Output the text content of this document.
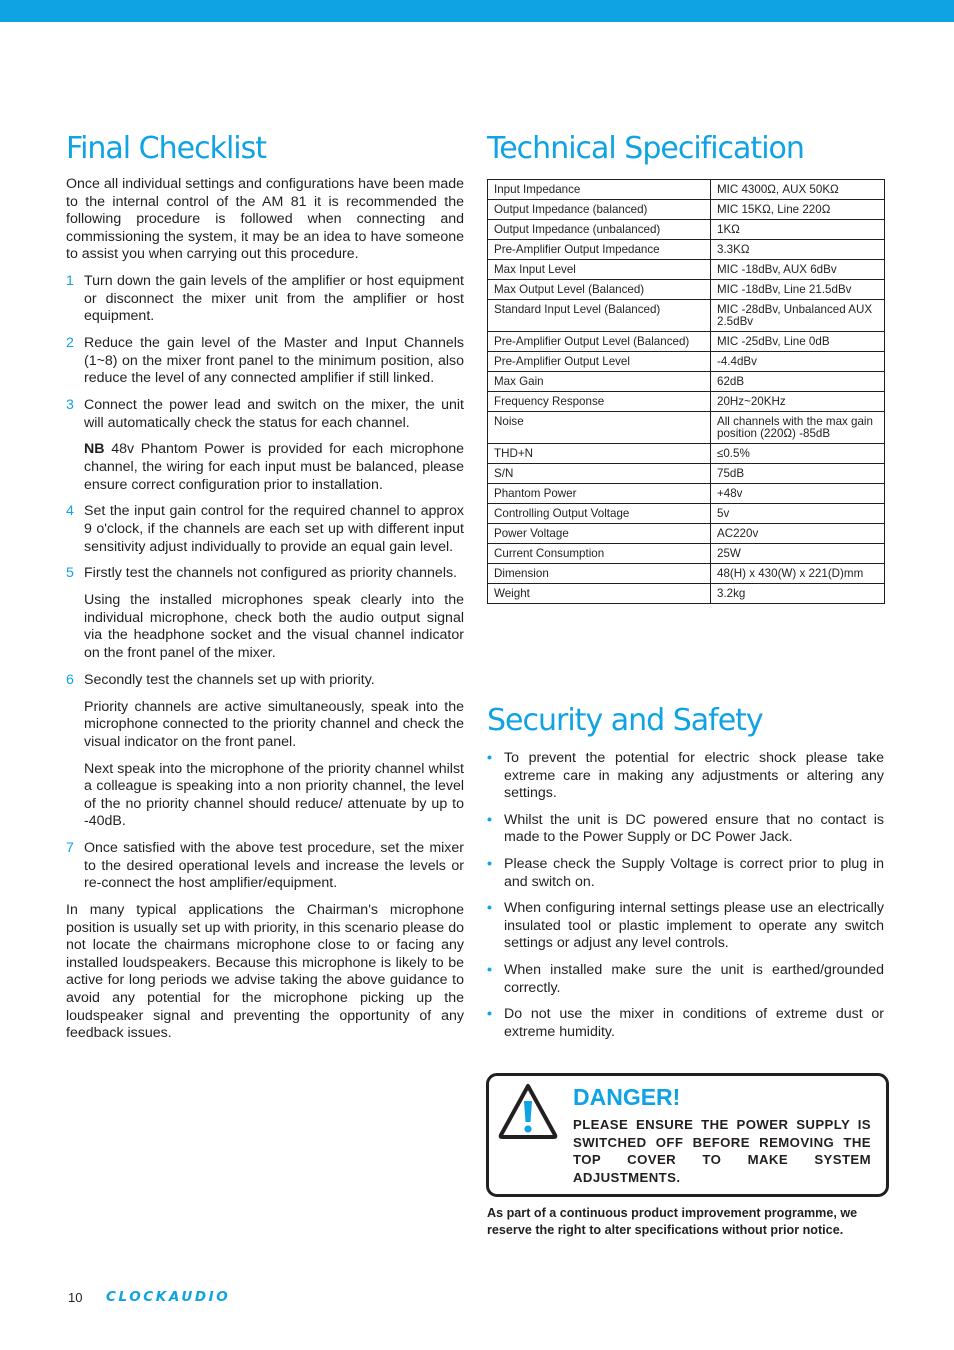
Final Checklist

Once all individual settings and configurations have been made to the internal control of the AM 81 it is recommended the following procedure is followed when connecting and commissioning the system, it may be an idea to have someone to assist you when carrying out this procedure.

1 Turn down the gain levels of the amplifier or host equipment or disconnect the mixer unit from the amplifier or host equipment.
2 Reduce the gain level of the Master and Input Channels (1~8) on the mixer front panel to the minimum position, also reduce the level of any connected amplifier if still linked.
3 Connect the power lead and switch on the mixer, the unit will automatically check the status for each channel.
NB 48v Phantom Power is provided for each microphone channel, the wiring for each input must be balanced, please ensure correct configuration prior to installation.
4 Set the input gain control for the required channel to approx 9 o'clock, if the channels are each set up with different input sensitivity adjust individually to provide an equal gain level.
5 Firstly test the channels not configured as priority channels.
Using the installed microphones speak clearly into the individual microphone, check both the audio output signal via the headphone socket and the visual channel indicator on the front panel of the mixer.
6 Secondly test the channels set up with priority.
Priority channels are active simultaneously, speak into the microphone connected to the priority channel and check the visual indicator on the front panel.
Next speak into the microphone of the priority channel whilst a colleague is speaking into a non priority channel, the level of the no priority channel should reduce/ attenuate by up to -40dB.
7 Once satisfied with the above test procedure, set the mixer to the desired operational levels and increase the levels or re-connect the host amplifier/equipment.

In many typical applications the Chairman's microphone position is usually set up with priority, in this scenario please do not locate the chairmans microphone close to or facing any installed loudspeakers. Because this microphone is likely to be active for long periods we advise taking the above guidance to avoid any potential for the microphone picking up the loudspeaker signal and preventing the opportunity of any feedback issues.

Technical Specification
Input Impedance	MIC 4300Ω, AUX 50KΩ
Output Impedance (balanced)	MIC 15KΩ, Line 220Ω
Output Impedance (unbalanced)	1KΩ
Pre-Amplifier Output Impedance	3.3KΩ
Max Input Level	MIC -18dBv, AUX 6dBv
Max Output Level (Balanced)	MIC -18dBv, Line 21.5dBv
Standard Input Level (Balanced)	MIC -28dBv, Unbalanced AUX 2.5dBv
Pre-Amplifier Output Level (Balanced)	MIC -25dBv, Line 0dB
Pre-Amplifier Output Level	-4.4dBv
Max Gain	62dB
Frequency Response	20Hz~20KHz
Noise	All channels with the max gain position (220Ω) -85dB
THD+N	≤0.5%
S/N	75dB
Phantom Power	+48v
Controlling Output Voltage	5v
Power Voltage	AC220v
Current Consumption	25W
Dimension	48(H) x 430(W) x 221(D)mm
Weight	3.2kg
Security and Safety
• To prevent the potential for electric shock please take extreme care in making any adjustments or altering any settings.
• Whilst the unit is DC powered ensure that no contact is made to the Power Supply or DC Power Jack.
• Please check the Supply Voltage is correct prior to plug in and switch on.
• When configuring internal settings please use an electrically insulated tool or plastic implement to operate any switch settings or adjust any level controls.
• When installed make sure the unit is earthed/grounded correctly.
• Do not use the mixer in conditions of extreme dust or extreme humidity.
DANGER!
PLEASE ENSURE THE POWER SUPPLY IS SWITCHED OFF BEFORE REMOVING THE TOP COVER TO MAKE SYSTEM ADJUSTMENTS.
As part of a continuous product improvement programme, we reserve the right to alter specifications without prior notice.
10 CLOCKAUDIO
